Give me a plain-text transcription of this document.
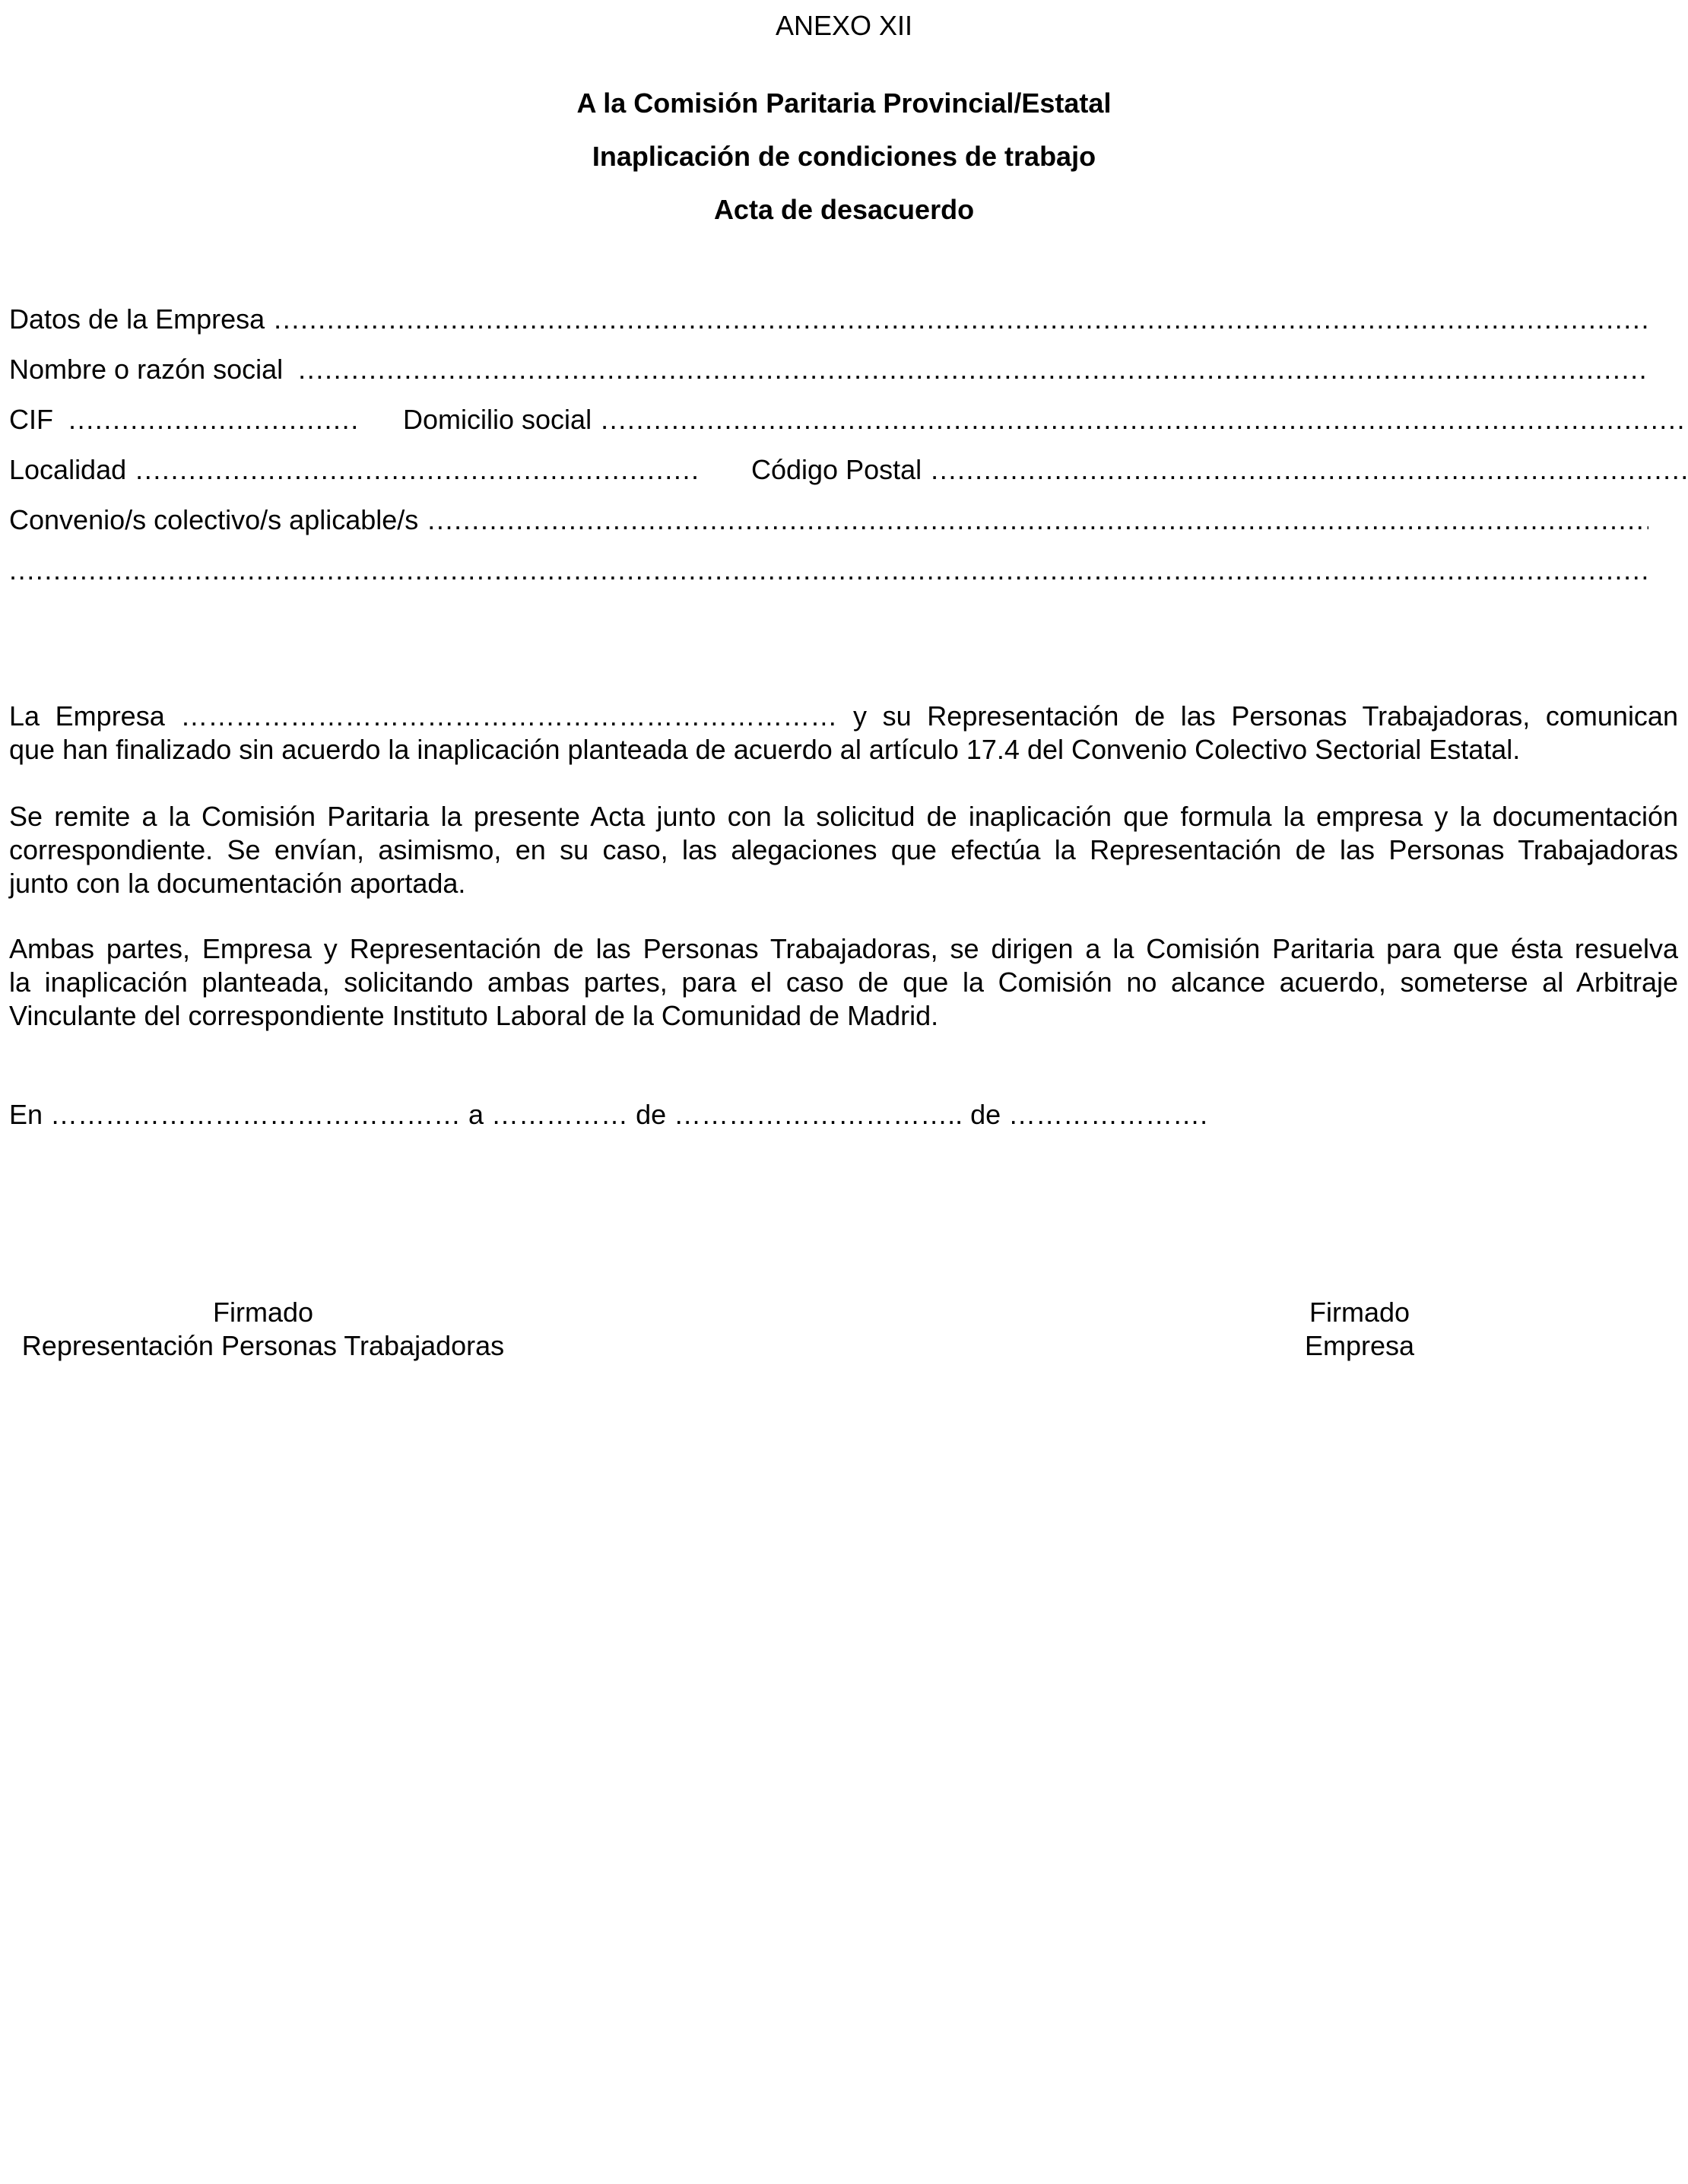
ANEXO XII
A la Comisión Paritaria Provincial/Estatal
Inaplicación de condiciones de trabajo
Acta de desacuerdo
Datos de la Empresa
.....
Nombre o razón social
.....
CIF .....	Domicilio social
.....
Localidad .....	Código Postal
.....
Convenio/s colectivo/s aplicable/s
.....
.....
La Empresa ……………………………………………………………… y su Representación de las Personas Trabajadoras, comunican
que han finalizado sin acuerdo la inaplicación planteada de acuerdo al artículo 17.4 del Convenio Colectivo Sectorial Estatal.
Se remite a la Comisión Paritaria la presente Acta junto con la solicitud de inaplicación que formula la empresa y la documentación
correspondiente. Se envían, asimismo, en su caso, las alegaciones que efectúa la Representación de las Personas Trabajadoras
junto con la documentación aportada.
Ambas partes, Empresa y Representación de las Personas Trabajadoras, se dirigen a la Comisión Paritaria para que ésta resuelva
la inaplicación planteada, solicitando ambas partes, para el caso de que la Comisión no alcance acuerdo, someterse al Arbitraje
Vinculante del correspondiente Instituto Laboral de la Comunidad de Madrid.
En ……………………………………… a …………… de ………………………….. de ………………….
Firmado
Representación Personas Trabajadoras
Firmado
Empresa
